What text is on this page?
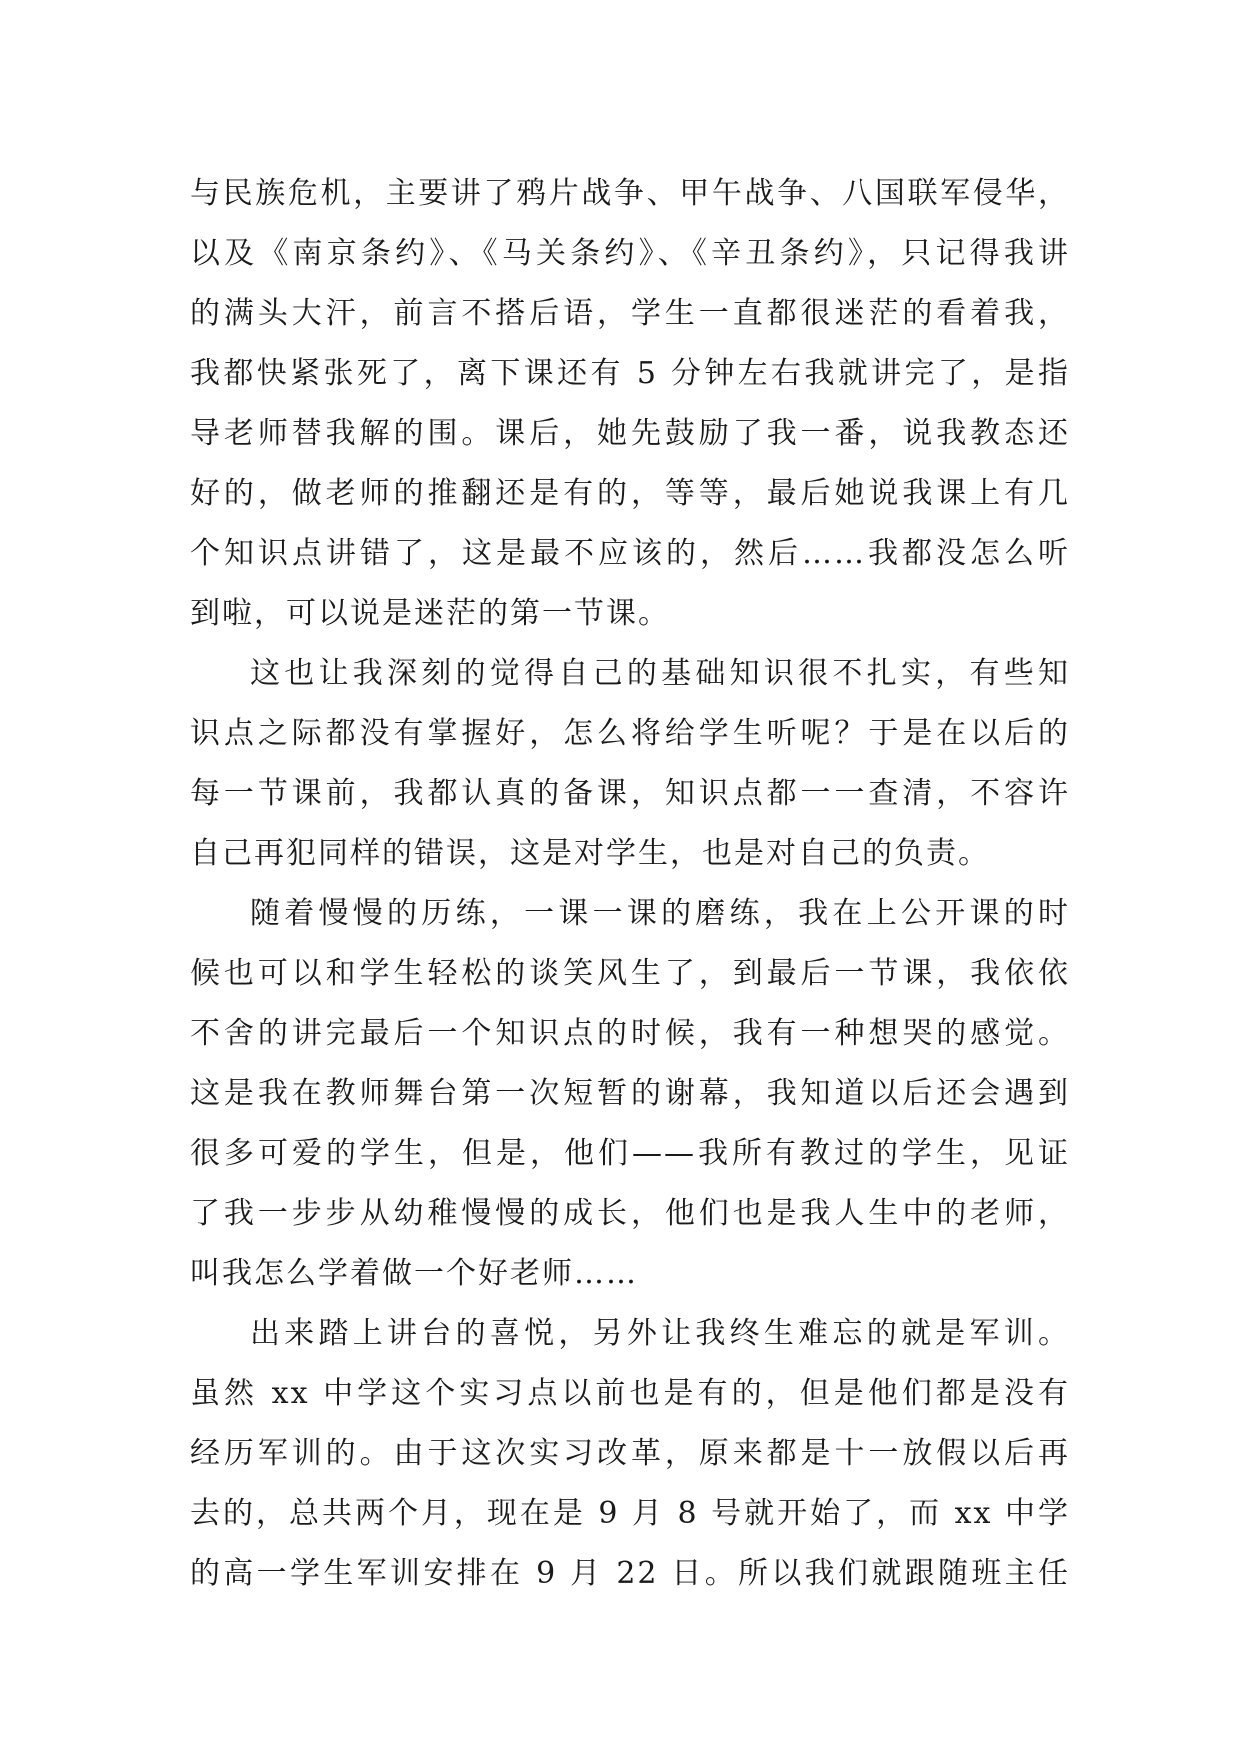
与民族危机，主要讲了鸦片战争、甲午战争、八国联军侵华，
以及《南京条约》、《马关条约》、《辛丑条约》，只记得我讲
的满头大汗，前言不搭后语，学生一直都很迷茫的看着我，
我都快紧张死了，离下课还有 5 分钟左右我就讲完了，是指
导老师替我解的围。课后，她先鼓励了我一番，说我教态还
好的，做老师的推翻还是有的，等等，最后她说我课上有几
个知识点讲错了，这是最不应该的，然后……我都没怎么听
到啦，可以说是迷茫的第一节课。
这也让我深刻的觉得自己的基础知识很不扎实，有些知
识点之际都没有掌握好，怎么将给学生听呢？于是在以后的
每一节课前，我都认真的备课，知识点都一一查清，不容许
自己再犯同样的错误，这是对学生，也是对自己的负责。
随着慢慢的历练，一课一课的磨练，我在上公开课的时
候也可以和学生轻松的谈笑风生了，到最后一节课，我依依
不舍的讲完最后一个知识点的时候，我有一种想哭的感觉。
这是我在教师舞台第一次短暂的谢幕，我知道以后还会遇到
很多可爱的学生，但是，他们——我所有教过的学生，见证
了我一步步从幼稚慢慢的成长，他们也是我人生中的老师，
叫我怎么学着做一个好老师……
出来踏上讲台的喜悦，另外让我终生难忘的就是军训。
虽然 xx 中学这个实习点以前也是有的，但是他们都是没有
经历军训的。由于这次实习改革，原来都是十一放假以后再
去的，总共两个月，现在是 9 月 8 号就开始了，而 xx 中学
的高一学生军训安排在 9 月 22 日。所以我们就跟随班主任
